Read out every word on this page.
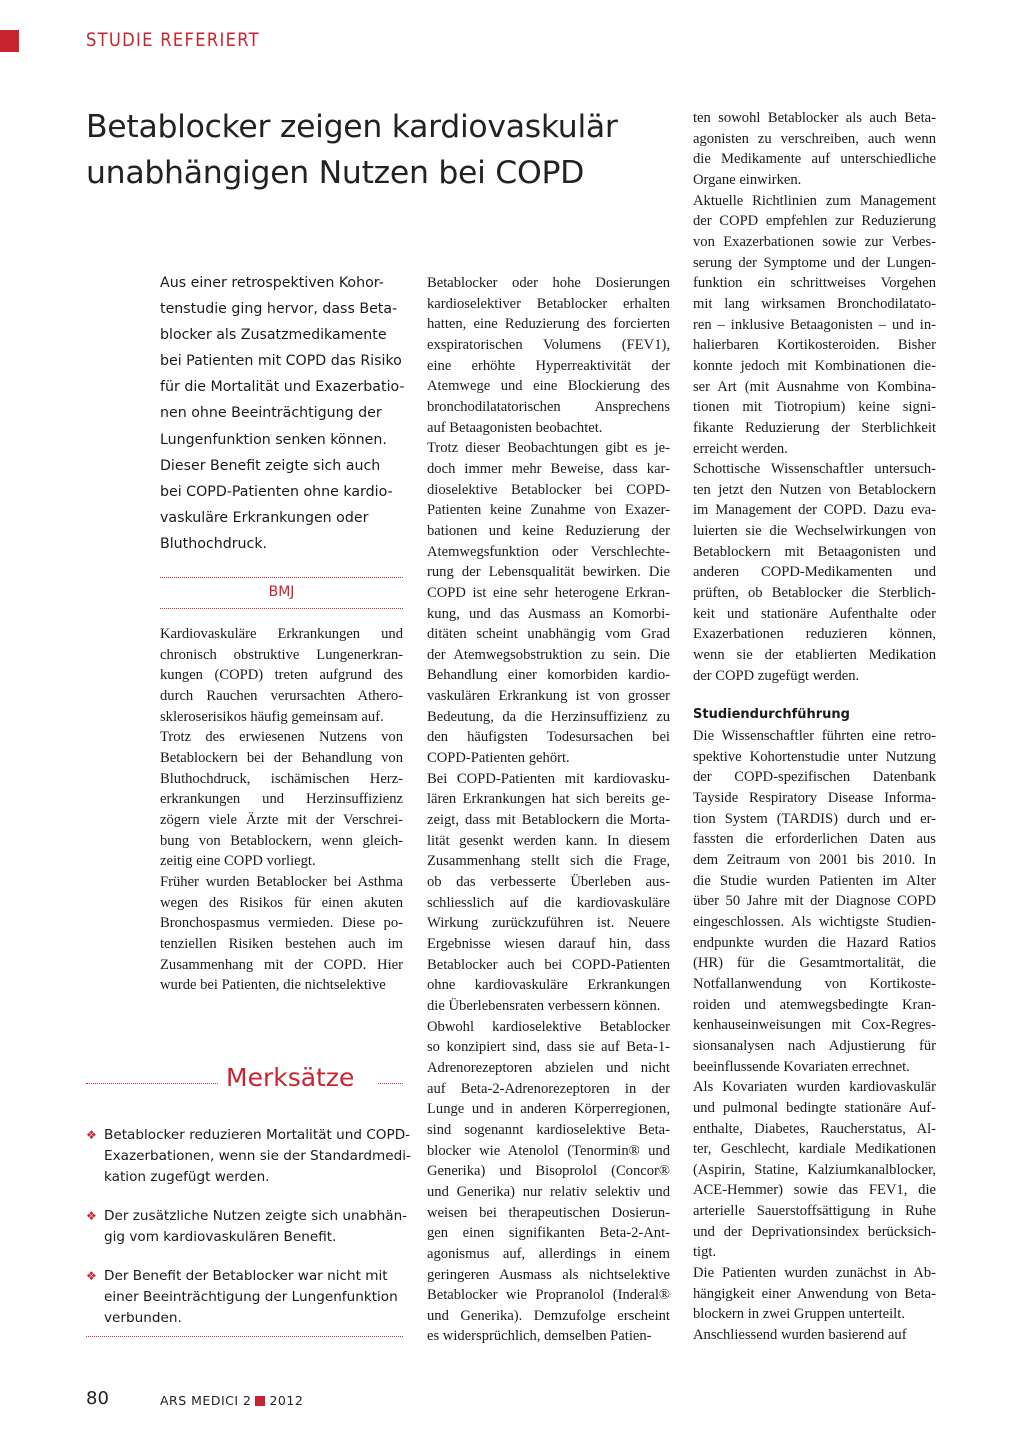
STUDIE REFERIERT
Betablocker zeigen kardiovaskulär
unabhängigen Nutzen bei COPD
Aus einer retrospektiven Kohor-
tenstudie ging hervor, dass Beta-
blocker als Zusatzmedikamente
bei Patienten mit COPD das Risiko
für die Mortalität und Exazerbatio-
nen ohne Beeinträchtigung der
Lungenfunktion senken können.
Dieser Benefit zeigte sich auch
bei COPD-Patienten ohne kardio-
vaskuläre Erkrankungen oder
Bluthochdruck.
BMJ
Kardiovaskuläre Erkrankungen und
chronisch obstruktive Lungenerkran-
kungen (COPD) treten aufgrund des
durch Rauchen verursachten Athero-
skleroserisikos häufig gemeinsam auf.
Trotz des erwiesenen Nutzens von
Betablockern bei der Behandlung von
Bluthochdruck, ischämischen Herz-
erkrankungen und Herzinsuffizienz
zögern viele Ärzte mit der Verschrei-
bung von Betablockern, wenn gleich-
zeitig eine COPD vorliegt.
Früher wurden Betablocker bei Asthma
wegen des Risikos für einen akuten
Bronchospasmus vermieden. Diese po-
tenziellen Risiken bestehen auch im
Zusammenhang mit der COPD. Hier
wurde bei Patienten, die nichtselektive
Betablocker oder hohe Dosierungen
kardioselektiver Betablocker erhalten
hatten, eine Reduzierung des forcierten
exspiratorischen Volumens (FEV1),
eine erhöhte Hyperreaktivität der
Atemwege und eine Blockierung des
bronchodilatatorischen Ansprechens
auf Betaagonisten beobachtet.
Trotz dieser Beobachtungen gibt es je-
doch immer mehr Beweise, dass kar-
dioselektive Betablocker bei COPD-
Patienten keine Zunahme von Exazer-
bationen und keine Reduzierung der
Atemwegsfunktion oder Verschlechte-
rung der Lebensqualität bewirken. Die
COPD ist eine sehr heterogene Erkran-
kung, und das Ausmass an Komorbi-
ditäten scheint unabhängig vom Grad
der Atemwegsobstruktion zu sein. Die
Behandlung einer komorbiden kardio-
vaskulären Erkrankung ist von grosser
Bedeutung, da die Herzinsuffizienz zu
den häufigsten Todesursachen bei
COPD-Patienten gehört.
Bei COPD-Patienten mit kardiovasku-
lären Erkrankungen hat sich bereits ge-
zeigt, dass mit Betablockern die Morta-
lität gesenkt werden kann. In diesem
Zusammenhang stellt sich die Frage,
ob das verbesserte Überleben aus-
schliesslich auf die kardiovaskuläre
Wirkung zurückzuführen ist. Neuere
Ergebnisse wiesen darauf hin, dass
Betablocker auch bei COPD-Patienten
ohne kardiovaskuläre Erkrankungen
die Überlebensraten verbessern können.
Obwohl kardioselektive Betablocker
so konzipiert sind, dass sie auf Beta-1-
Adrenorezeptoren abzielen und nicht
auf Beta-2-Adrenorezeptoren in der
Lunge und in anderen Körperregionen,
sind sogenannt kardioselektive Beta-
blocker wie Atenolol (Tenormin® und
Generika) und Bisoprolol (Concor®
und Generika) nur relativ selektiv und
weisen bei therapeutischen Dosierun-
gen einen signifikanten Beta-2-Ant-
agonismus auf, allerdings in einem
geringeren Ausmass als nichtselektive
Betablocker wie Propranolol (Inderal®
und Generika). Demzufolge erscheint
es widersprüchlich, demselben Patien-
ten sowohl Betablocker als auch Beta-
agonisten zu verschreiben, auch wenn
die Medikamente auf unterschiedliche
Organe einwirken.
Aktuelle Richtlinien zum Management
der COPD empfehlen zur Reduzierung
von Exazerbationen sowie zur Verbes-
serung der Symptome und der Lungen-
funktion ein schrittweises Vorgehen
mit lang wirksamen Bronchodilatato-
ren – inklusive Betaagonisten – und in-
halierbaren Kortikosteroiden. Bisher
konnte jedoch mit Kombinationen die-
ser Art (mit Ausnahme von Kombina-
tionen mit Tiotropium) keine signi-
fikante Reduzierung der Sterblichkeit
erreicht werden.
Schottische Wissenschaftler untersuch-
ten jetzt den Nutzen von Betablockern
im Management der COPD. Dazu eva-
luierten sie die Wechselwirkungen von
Betablockern mit Betaagonisten und
anderen COPD-Medikamenten und
prüften, ob Betablocker die Sterblich-
keit und stationäre Aufenthalte oder
Exazerbationen reduzieren können,
wenn sie der etablierten Medikation
der COPD zugefügt werden.
Studiendurchführung
Die Wissenschaftler führten eine retro-
spektive Kohortenstudie unter Nutzung
der COPD-spezifischen Datenbank
Tayside Respiratory Disease Informa-
tion System (TARDIS) durch und er-
fassten die erforderlichen Daten aus
dem Zeitraum von 2001 bis 2010. In
die Studie wurden Patienten im Alter
über 50 Jahre mit der Diagnose COPD
eingeschlossen. Als wichtigste Studien-
endpunkte wurden die Hazard Ratios
(HR) für die Gesamtmortalität, die
Notfallanwendung von Kortikoste-
roiden und atemwegsbedingte Kran-
kenhauseinweisungen mit Cox-Regres-
sionsanalysen nach Adjustierung für
beeinflussende Kovariaten errechnet.
Als Kovariaten wurden kardiovaskulär
und pulmonal bedingte stationäre Auf-
enthalte, Diabetes, Raucherstatus, Al-
ter, Geschlecht, kardiale Medikationen
(Aspirin, Statine, Kalziumkanalblocker,
ACE-Hemmer) sowie das FEV1, die
arterielle Sauerstoffsättigung in Ruhe
und der Deprivationsindex berücksich-
tigt.
Die Patienten wurden zunächst in Ab-
hängigkeit einer Anwendung von Beta-
blockern in zwei Gruppen unterteilt.
Anschliessend wurden basierend auf
Merksätze
❖ Betablocker reduzieren Mortalität und COPD-
Exazerbationen, wenn sie der Standardmedi-
kation zugefügt werden.
❖ Der zusätzliche Nutzen zeigte sich unabhän-
gig vom kardiovaskulären Benefit.
❖ Der Benefit der Betablocker war nicht mit
einer Beeinträchtigung der Lungenfunktion
verbunden.
80	ARS MEDICI 2 2012
